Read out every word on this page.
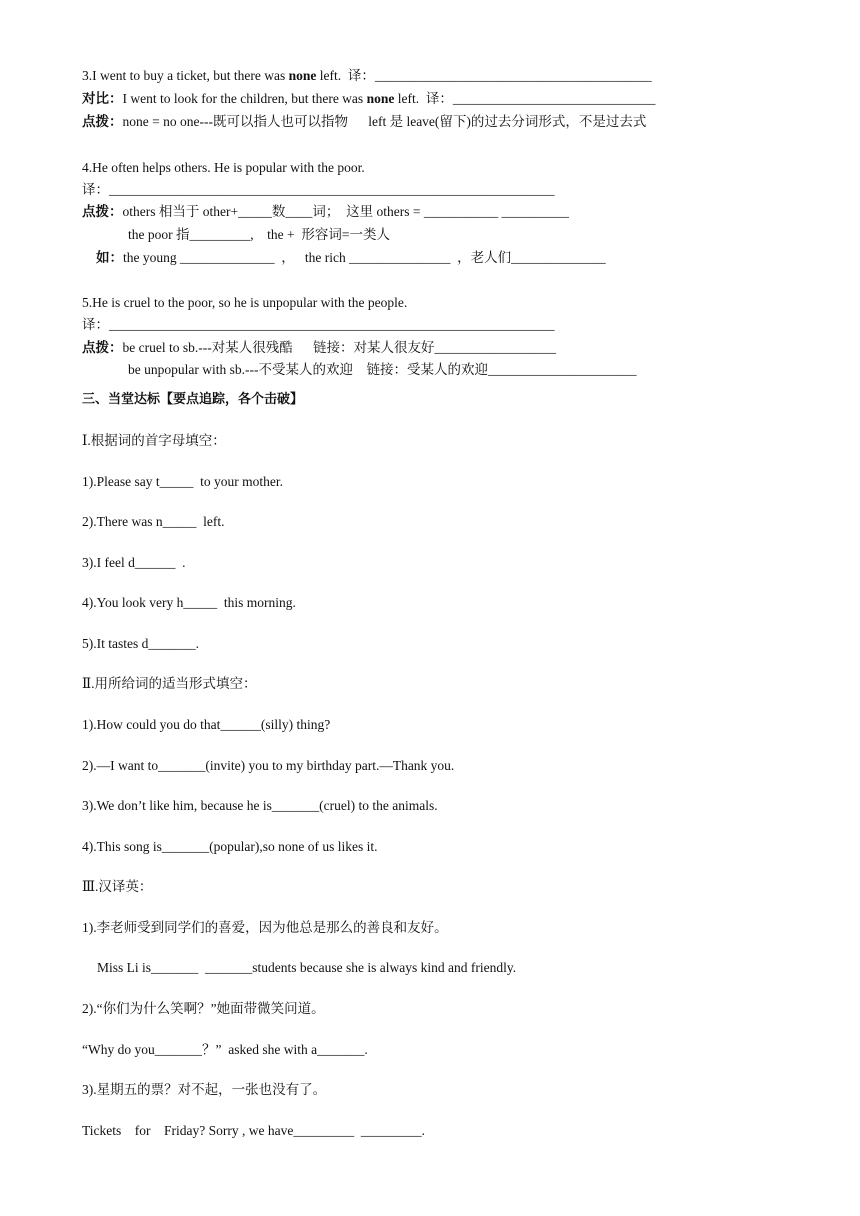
3.I went to buy a ticket, but there was none left.  译：_________________________________________
对比：I went to look for the children, but there was none left.  译：______________________________
点拨：none = no one---既可以指人也可以指物      left 是 leave(留下)的过去分词形式，不是过去式
4.He often helps others. He is popular with the poor.
译：__________________________________________________________________
点拨：others 相当于 other+_____数____词；  这里 others = ___________ __________
the poor 指_________,    the +  形容词=一类人
如：the young ______________  ，   the rich _______________  ，老人们______________
5.He is cruel to the poor, so he is unpopular with the people.
译：__________________________________________________________________
点拨：be cruel to sb.---对某人很残酷      链接：对某人很友好__________________
be unpopular with sb.---不受某人的欢迎    链接：受某人的欢迎______________________
三、当堂达标【要点追踪，各个击破】
Ⅰ.根据词的首字母填空：
1).Please say t_____  to your mother.
2).There was n_____  left.
3).I feel d______  .
4).You look very h_____  this morning.
5).It tastes d_______.
Ⅱ.用所给词的适当形式填空：
1).How could you do that______(silly) thing?
2).—I want to_______(invite) you to my birthday part.—Thank you.
3).We don’t like him, because he is_______(cruel) to the animals.
4).This song is_______(popular),so none of us likes it.
Ⅲ.汉译英：
1).李老师受到同学们的喜爱，因为他总是那么的善良和友好。
Miss Li is_______  _______students because she is always kind and friendly.
2).“你们为什么笑啊？”她面带微笑问道。
“Why do you_______？”  asked she with a_______.
3).星期五的票？对不起，一张也没有了。
Tickets    for    Friday? Sorry , we have_________  _________.
